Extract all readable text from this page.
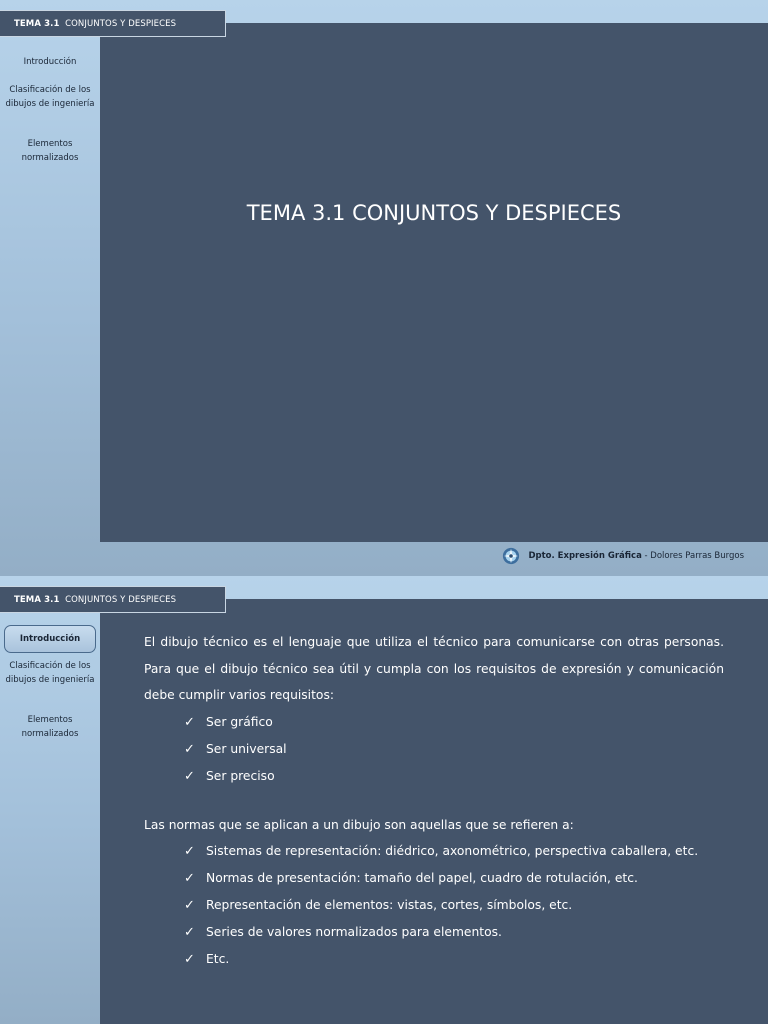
TEMA 3.1 CONJUNTOS Y DESPIECES
TEMA 3.1  CONJUNTOS Y DESPIECES
Introducción
Clasificación de los dibujos de ingeniería
Elementos normalizados
Dpto. Expresión Gráfica - Dolores Parras Burgos

El dibujo técnico es el lenguaje que utiliza el técnico para comunicarse con otras personas. Para que el dibujo técnico sea útil y cumpla con los requisitos de expresión y comunicación debe cumplir varios requisitos:

✓ Ser gráfico
✓ Ser universal
✓ Ser preciso

Las normas que se aplican a un dibujo son aquellas que se refieren a:

✓ Sistemas de representación: diédrico, axonométrico, perspectiva caballera, etc.
✓ Normas de presentación: tamaño del papel, cuadro de rotulación, etc.
✓ Representación de elementos: vistas, cortes, símbolos, etc.
✓ Series de valores normalizados para elementos.
✓ Etc.
TEMA 3.1  CONJUNTOS Y DESPIECES
Introducción
Clasificación de los dibujos de ingeniería
Elementos normalizados
